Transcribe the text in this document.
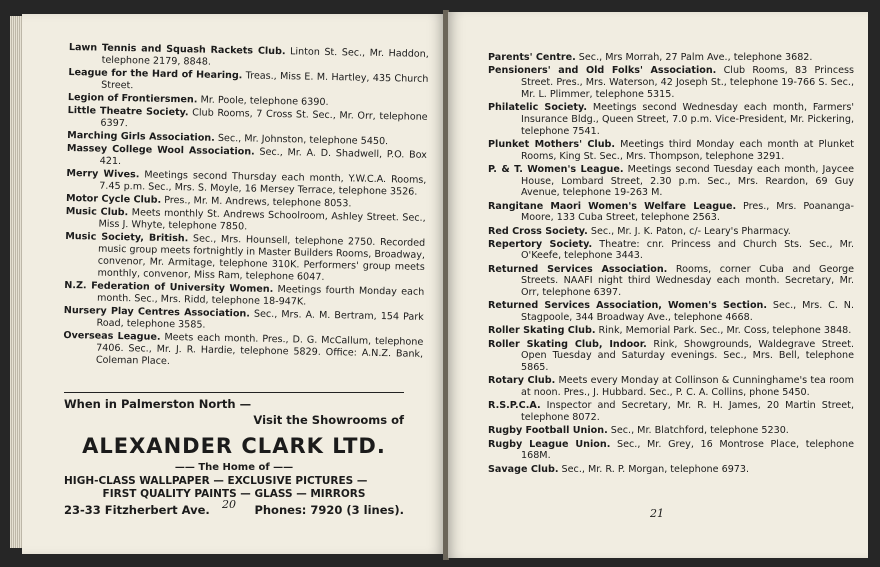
Lawn Tennis and Squash Rackets Club. Linton St. Sec., Mr. Haddon, telephone 2179, 8848.

League for the Hard of Hearing. Treas., Miss E. M. Hartley, 435 Church Street.

Legion of Frontiersmen. Mr. Poole, telephone 6390.

Little Theatre Society. Club Rooms, 7 Cross St. Sec., Mr. Orr, telephone 6397.

Marching Girls Association. Sec., Mr. Johnston, telephone 5450.

Massey College Wool Association. Sec., Mr. A. D. Shadwell, P.O. Box 421.

Merry Wives. Meetings second Thursday each month, Y.W.C.A. Rooms, 7.45 p.m. Sec., Mrs. S. Moyle, 16 Mersey Terrace, telephone 3526.

Motor Cycle Club. Pres., Mr. M. Andrews, telephone 8053.

Music Club. Meets monthly St. Andrews Schoolroom, Ashley Street. Sec., Miss J. Whyte, telephone 7850.

Music Society, British. Sec., Mrs. Hounsell, telephone 2750. Recorded music group meets fortnightly in Master Builders Rooms, Broadway, convenor, Mr. Armitage, telephone 310K. Performers' group meets monthly, convenor, Miss Ram, telephone 6047.

N.Z. Federation of University Women. Meetings fourth Monday each month. Sec., Mrs. Ridd, telephone 18-947K.

Nursery Play Centres Association. Sec., Mrs. A. M. Bertram, 154 Park Road, telephone 3585.

Overseas League. Meets each month. Pres., D. G. McCallum, telephone 7406. Sec., Mr. J. R. Hardie, telephone 5829. Office: A.N.Z. Bank, Coleman Place.

When in Palmerston North —

Visit the Showrooms of

ALEXANDER CLARK LTD.

—— The Home of ——

HIGH-CLASS WALLPAPER — EXCLUSIVE PICTURES —

FIRST QUALITY PAINTS — GLASS — MIRRORS

23-33 Fitzherbert Ave.	Phones: 7920 (3 lines).
20

Parents' Centre. Sec., Mrs Morrah, 27 Palm Ave., telephone 3682.

Pensioners' and Old Folks' Association. Club Rooms, 83 Princess Street. Pres., Mrs. Waterson, 42 Joseph St., telephone 19-766 S. Sec., Mr. L. Plimmer, telephone 5315.

Philatelic Society. Meetings second Wednesday each month, Farmers' Insurance Bldg., Queen Street, 7.0 p.m. Vice-President, Mr. Pickering, telephone 7541.

Plunket Mothers' Club. Meetings third Monday each month at Plunket Rooms, King St. Sec., Mrs. Thompson, telephone 3291.

P. & T. Women's League. Meetings second Tuesday each month, Jaycee House, Lombard Street, 2.30 p.m. Sec., Mrs. Reardon, 69 Guy Avenue, telephone 19-263 M.

Rangitane Maori Women's Welfare League. Pres., Mrs. Poananga-Moore, 133 Cuba Street, telephone 2563.

Red Cross Society. Sec., Mr. J. K. Paton, c/- Leary's Pharmacy.

Repertory Society. Theatre: cnr. Princess and Church Sts. Sec., Mr. O'Keefe, telephone 3443.

Returned Services Association. Rooms, corner Cuba and George Streets. NAAFI night third Wednesday each month. Secretary, Mr. Orr, telephone 6397.

Returned Services Association, Women's Section. Sec., Mrs. C. N. Stagpoole, 344 Broadway Ave., telephone 4668.

Roller Skating Club. Rink, Memorial Park. Sec., Mr. Coss, telephone 3848.

Roller Skating Club, Indoor. Rink, Showgrounds, Waldegrave Street. Open Tuesday and Saturday evenings. Sec., Mrs. Bell, telephone 5865.

Rotary Club. Meets every Monday at Collinson & Cunninghame's tea room at noon. Pres., J. Hubbard. Sec., P. C. A. Collins, phone 5450.

R.S.P.C.A. Inspector and Secretary, Mr. R. H. James, 20 Martin Street, telephone 8072.

Rugby Football Union. Sec., Mr. Blatchford, telephone 5230.

Rugby League Union. Sec., Mr. Grey, 16 Montrose Place, telephone 168M.

Savage Club. Sec., Mr. R. P. Morgan, telephone 6973.

21
